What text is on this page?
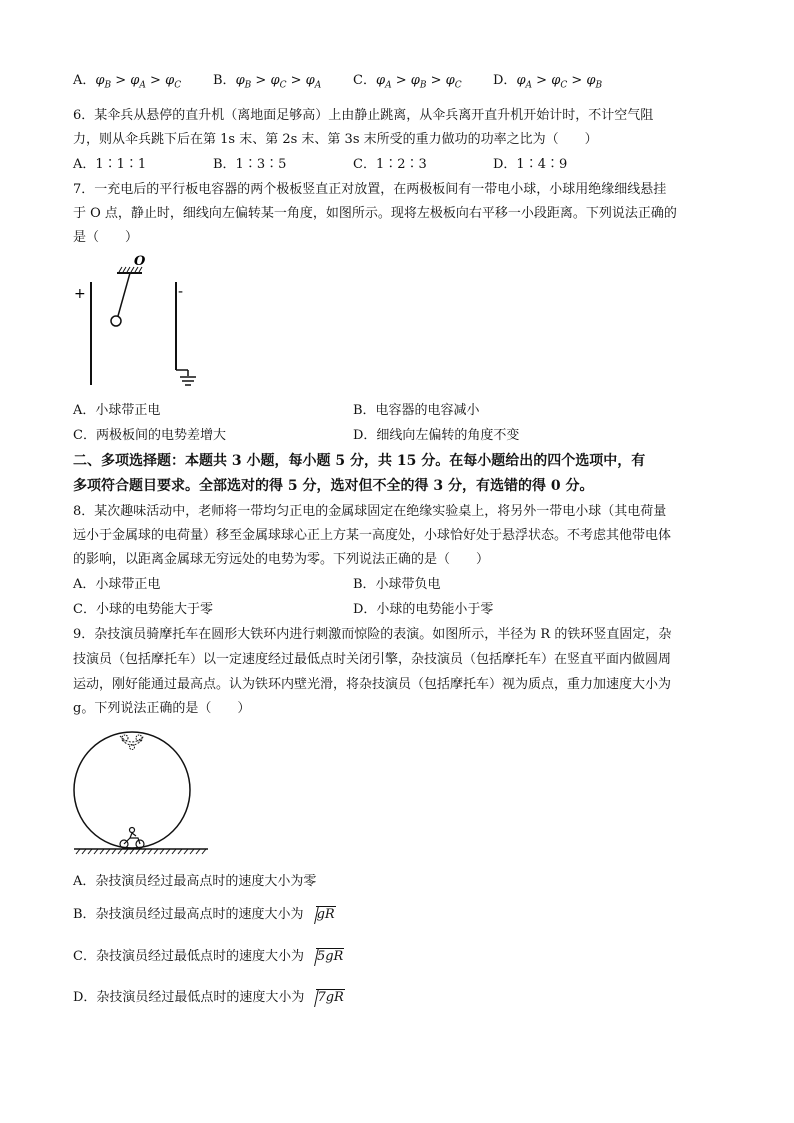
A．$\varphi_B > \varphi_A > \varphi_C$ B．$\varphi_B > \varphi_C > \varphi_A$ C．$\varphi_A > \varphi_B > \varphi_C$ D．$\varphi_A > \varphi_C > \varphi_B$
6．某伞兵从悬停的直升机（离地面足够高）上由静止跳离，从伞兵离开直升机开始计时，不计空气阻
力，则从伞兵跳下后在第 1s 末、第 2s 末、第 3s 末所受的重力做功的功率之比为（　　）
A．1∶1∶1	B．1∶3∶5	C．1∶2∶3	D．1∶4∶9
7．一充电后的平行板电容器的两个极板竖直正对放置，在两极板间有一带电小球，小球用绝缘细线悬挂
于 O 点，静止时，细线向左偏转某一角度，如图所示。现将左极板向右平移一小段距离。下列说法正确的
是（　　）
+	-
O
A．小球带正电	B．电容器的电容减小
C．两极板间的电势差增大	D．细线向左偏转的角度不变
二、多项选择题：本题共 3 小题，每小题 5 分，共 15 分。在每小题给出的四个选项中，有
多项符合题目要求。全部选对的得 5 分，选对但不全的得 3 分，有选错的得 0 分。
8．某次趣味活动中，老师将一带均匀正电的金属球固定在绝缘实验桌上，将另外一带电小球（其电荷量
远小于金属球的电荷量）移至金属球球心正上方某一高度处，小球恰好处于悬浮状态。不考虑其他带电体
的影响，以距离金属球无穷远处的电势为零。下列说法正确的是（　　）
A．小球带正电	B．小球带负电
C．小球的电势能大于零	D．小球的电势能小于零
9．杂技演员骑摩托车在圆形大铁环内进行刺激而惊险的表演。如图所示，半径为 R 的铁环竖直固定，杂
技演员（包括摩托车）以一定速度经过最低点时关闭引擎，杂技演员（包括摩托车）在竖直平面内做圆周
运动，刚好能通过最高点。认为铁环内壁光滑，将杂技演员（包括摩托车）视为质点，重力加速度大小为
g。下列说法正确的是（　　）
A．杂技演员经过最高点时的速度大小为零
B．杂技演员经过最高点时的速度大小为 gR
C．杂技演员经过最低点时的速度大小为 5gR
D．杂技演员经过最低点时的速度大小为 7gR
